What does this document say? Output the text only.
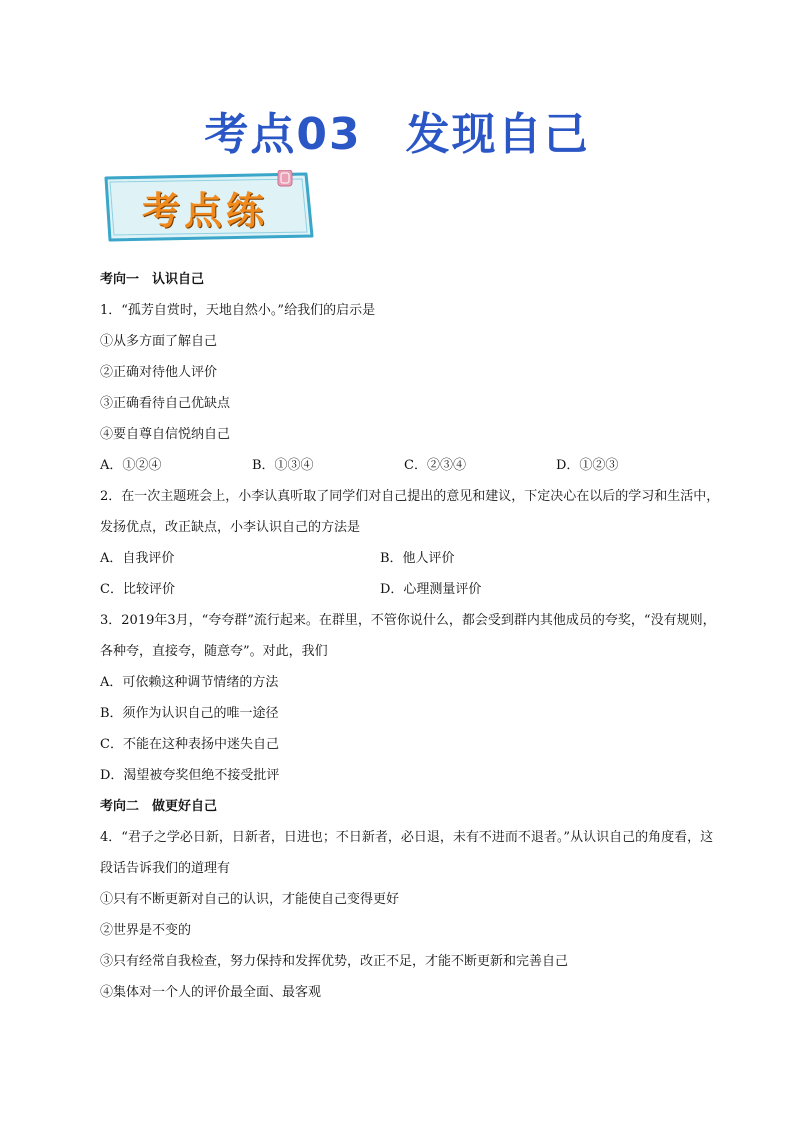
考点03 发现自己
考点练
考向一　认识自己
1．“孤芳自赏时，天地自然小。”给我们的启示是
①从多方面了解自己
②正确对待他人评价
③正确看待自己优缺点
④要自尊自信悦纳自己
A．①②④	B．①③④	C．②③④	D．①②③
2．在一次主题班会上，小李认真听取了同学们对自己提出的意见和建议，下定决心在以后的学习和生活中，发扬优点，改正缺点，小李认识自己的方法是
A．自我评价	B．他人评价
C．比较评价	D．心理测量评价
3．2019年3月，“夸夸群”流行起来。在群里，不管你说什么，都会受到群内其他成员的夸奖，“没有规则，各种夸，直接夸，随意夸”。对此，我们
A．可依赖这种调节情绪的方法
B．须作为认识自己的唯一途径
C．不能在这种表扬中迷失自己
D．渴望被夸奖但绝不接受批评
考向二　做更好自己
4．“君子之学必日新，日新者，日进也；不日新者，必日退，未有不进而不退者。”从认识自己的角度看，这段话告诉我们的道理有
①只有不断更新对自己的认识，才能使自己变得更好
②世界是不变的
③只有经常自我检查，努力保持和发挥优势，改正不足，才能不断更新和完善自己
④集体对一个人的评价最全面、最客观
